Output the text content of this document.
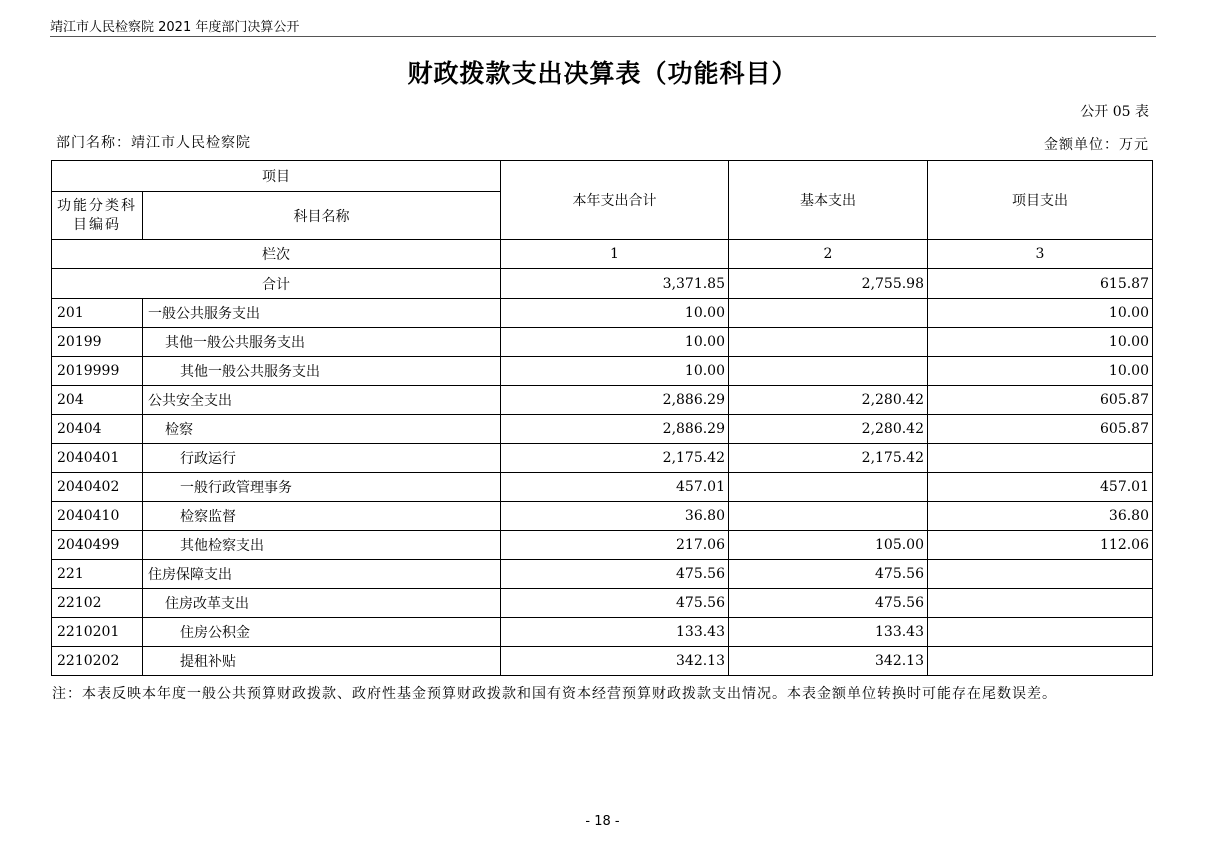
靖江市人民检察院 2021 年度部门决算公开
财政拨款支出决算表（功能科目）
公开 05 表
部门名称：靖江市人民检察院	金额单位：万元
项目		本年支出合计	基本支出	项目支出
功能分类科目编码	科目名称			
栏次		1	2	3
合计		3,371.85	2,755.98	615.87
201	一般公共服务支出	10.00		10.00
20199	其他一般公共服务支出	10.00		10.00
2019999	其他一般公共服务支出	10.00		10.00
204	公共安全支出	2,886.29	2,280.42	605.87
20404	检察	2,886.29	2,280.42	605.87
2040401	行政运行	2,175.42	2,175.42	
2040402	一般行政管理事务	457.01		457.01
2040410	检察监督	36.80		36.80
2040499	其他检察支出	217.06	105.00	112.06
221	住房保障支出	475.56	475.56	
22102	住房改革支出	475.56	475.56	
2210201	住房公积金	133.43	133.43	
2210202	提租补贴	342.13	342.13	
注：本表反映本年度一般公共预算财政拨款、政府性基金预算财政拨款和国有资本经营预算财政拨款支出情况。本表金额单位转换时可能存在尾数误差。
- 18 -
